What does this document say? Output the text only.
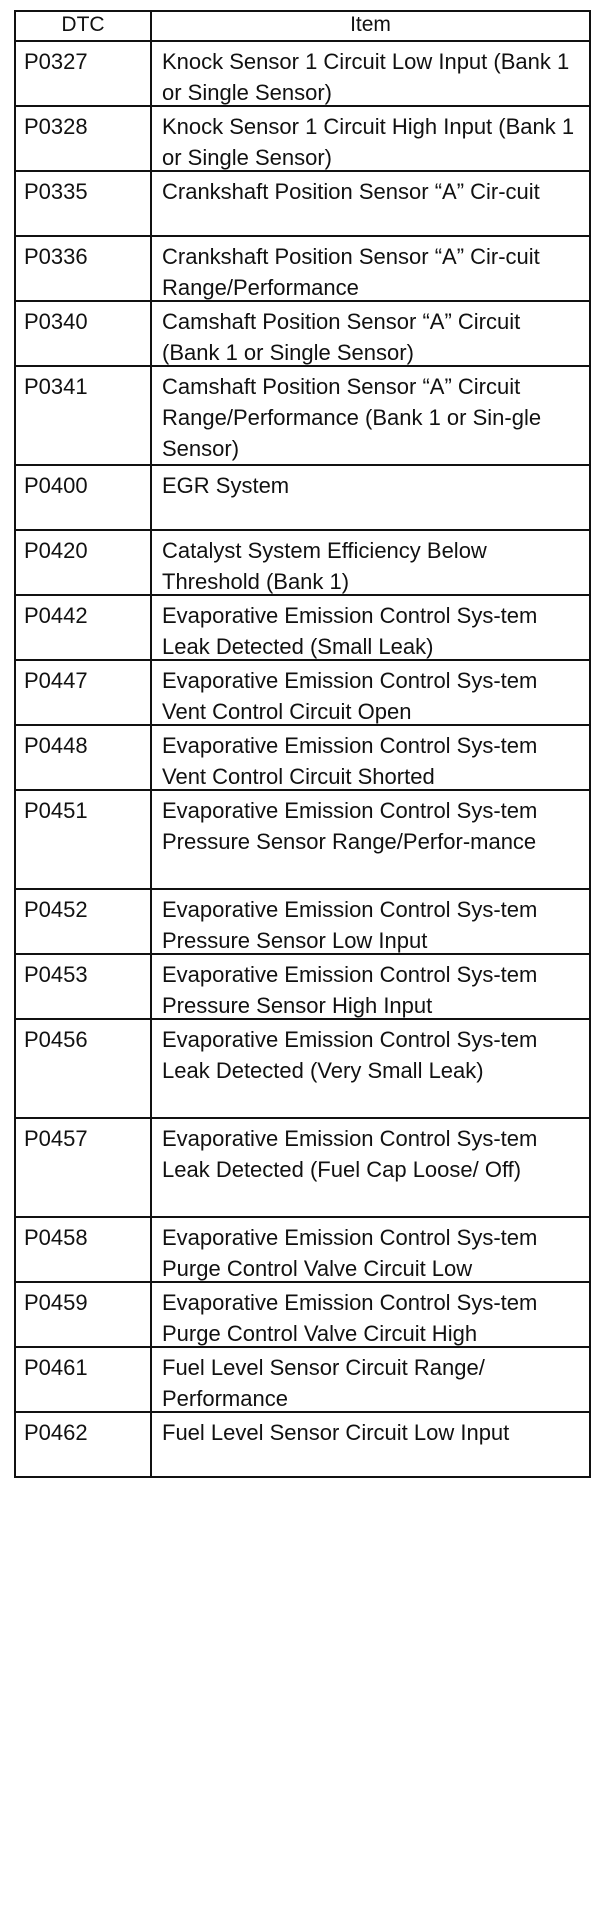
DTC	Item

P0327	Knock Sensor 1 Circuit Low Input (Bank 1 or Single Sensor)

P0328	Knock Sensor 1 Circuit High Input (Bank 1 or Single Sensor)

P0335	Crankshaft Position Sensor “A” Cir-cuit

P0336	Crankshaft Position Sensor “A” Cir-cuit Range/Performance

P0340	Camshaft Position Sensor “A” Circuit (Bank 1 or Single Sensor)

P0341	Camshaft Position Sensor “A” Circuit Range/Performance (Bank 1 or Sin-gle Sensor)

P0400	EGR System

P0420	Catalyst System Efficiency Below Threshold (Bank 1)

P0442	Evaporative Emission Control Sys-tem Leak Detected (Small Leak)

P0447	Evaporative Emission Control Sys-tem Vent Control Circuit Open

P0448	Evaporative Emission Control Sys-tem Vent Control Circuit Shorted

P0451	Evaporative Emission Control Sys-tem Pressure Sensor Range/Perfor-mance

P0452	Evaporative Emission Control Sys-tem Pressure Sensor Low Input

P0453	Evaporative Emission Control Sys-tem Pressure Sensor High Input

P0456	Evaporative Emission Control Sys-tem Leak Detected (Very Small Leak)

P0457	Evaporative Emission Control Sys-tem Leak Detected (Fuel Cap Loose/ Off)

P0458	Evaporative Emission Control Sys-tem Purge Control Valve Circuit Low

P0459	Evaporative Emission Control Sys-tem Purge Control Valve Circuit High

P0461	Fuel Level Sensor Circuit Range/ Performance

P0462	Fuel Level Sensor Circuit Low Input
